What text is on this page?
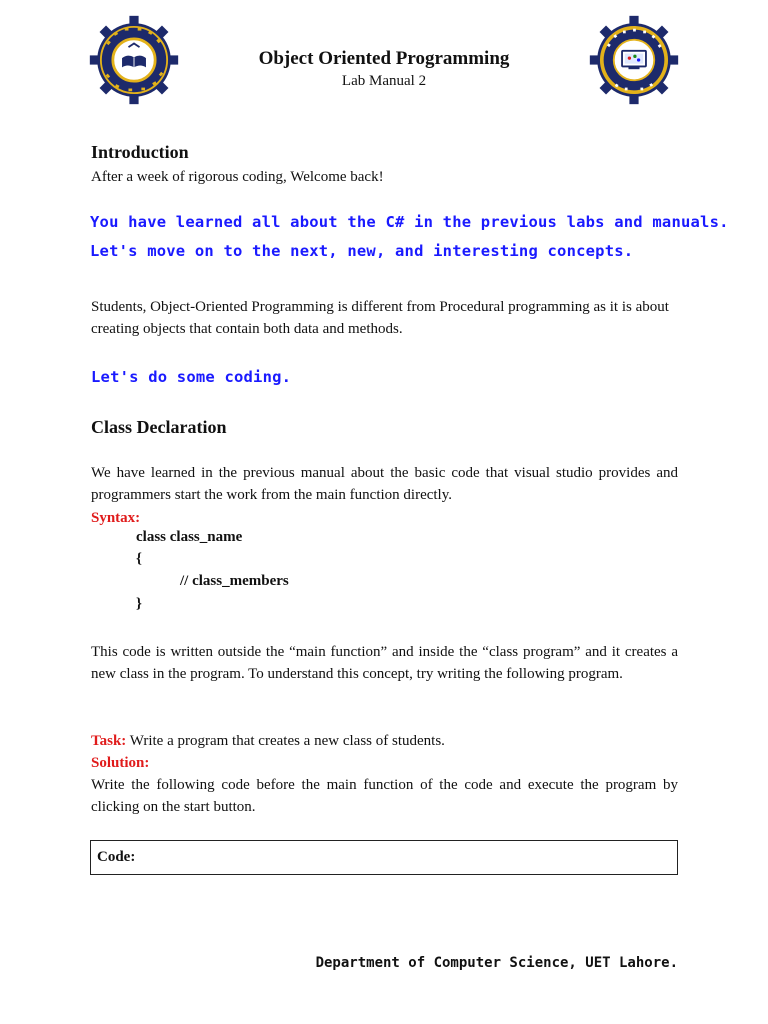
Object Oriented Programming
Lab Manual 2
Introduction
After a week of rigorous coding, Welcome back!
You have learned all about the C# in the previous labs and manuals.
Let's move on to the next, new, and interesting concepts.
Students, Object-Oriented Programming is different from Procedural programming as it is about creating objects that contain both data and methods.
Let's do some coding.
Class Declaration
We have learned in the previous manual about the basic code that visual studio provides and programmers start the work from the main function directly.
Syntax:
class class_name
{
// class_members
}
This code is written outside the “main function” and inside the “class program” and it creates a new class in the program. To understand this concept, try writing the following program.
Task: Write a program that creates a new class of students.
Solution:
Write the following code before the main function of the code and execute the program by clicking on the start button.
Code:
Department of Computer Science, UET Lahore.
